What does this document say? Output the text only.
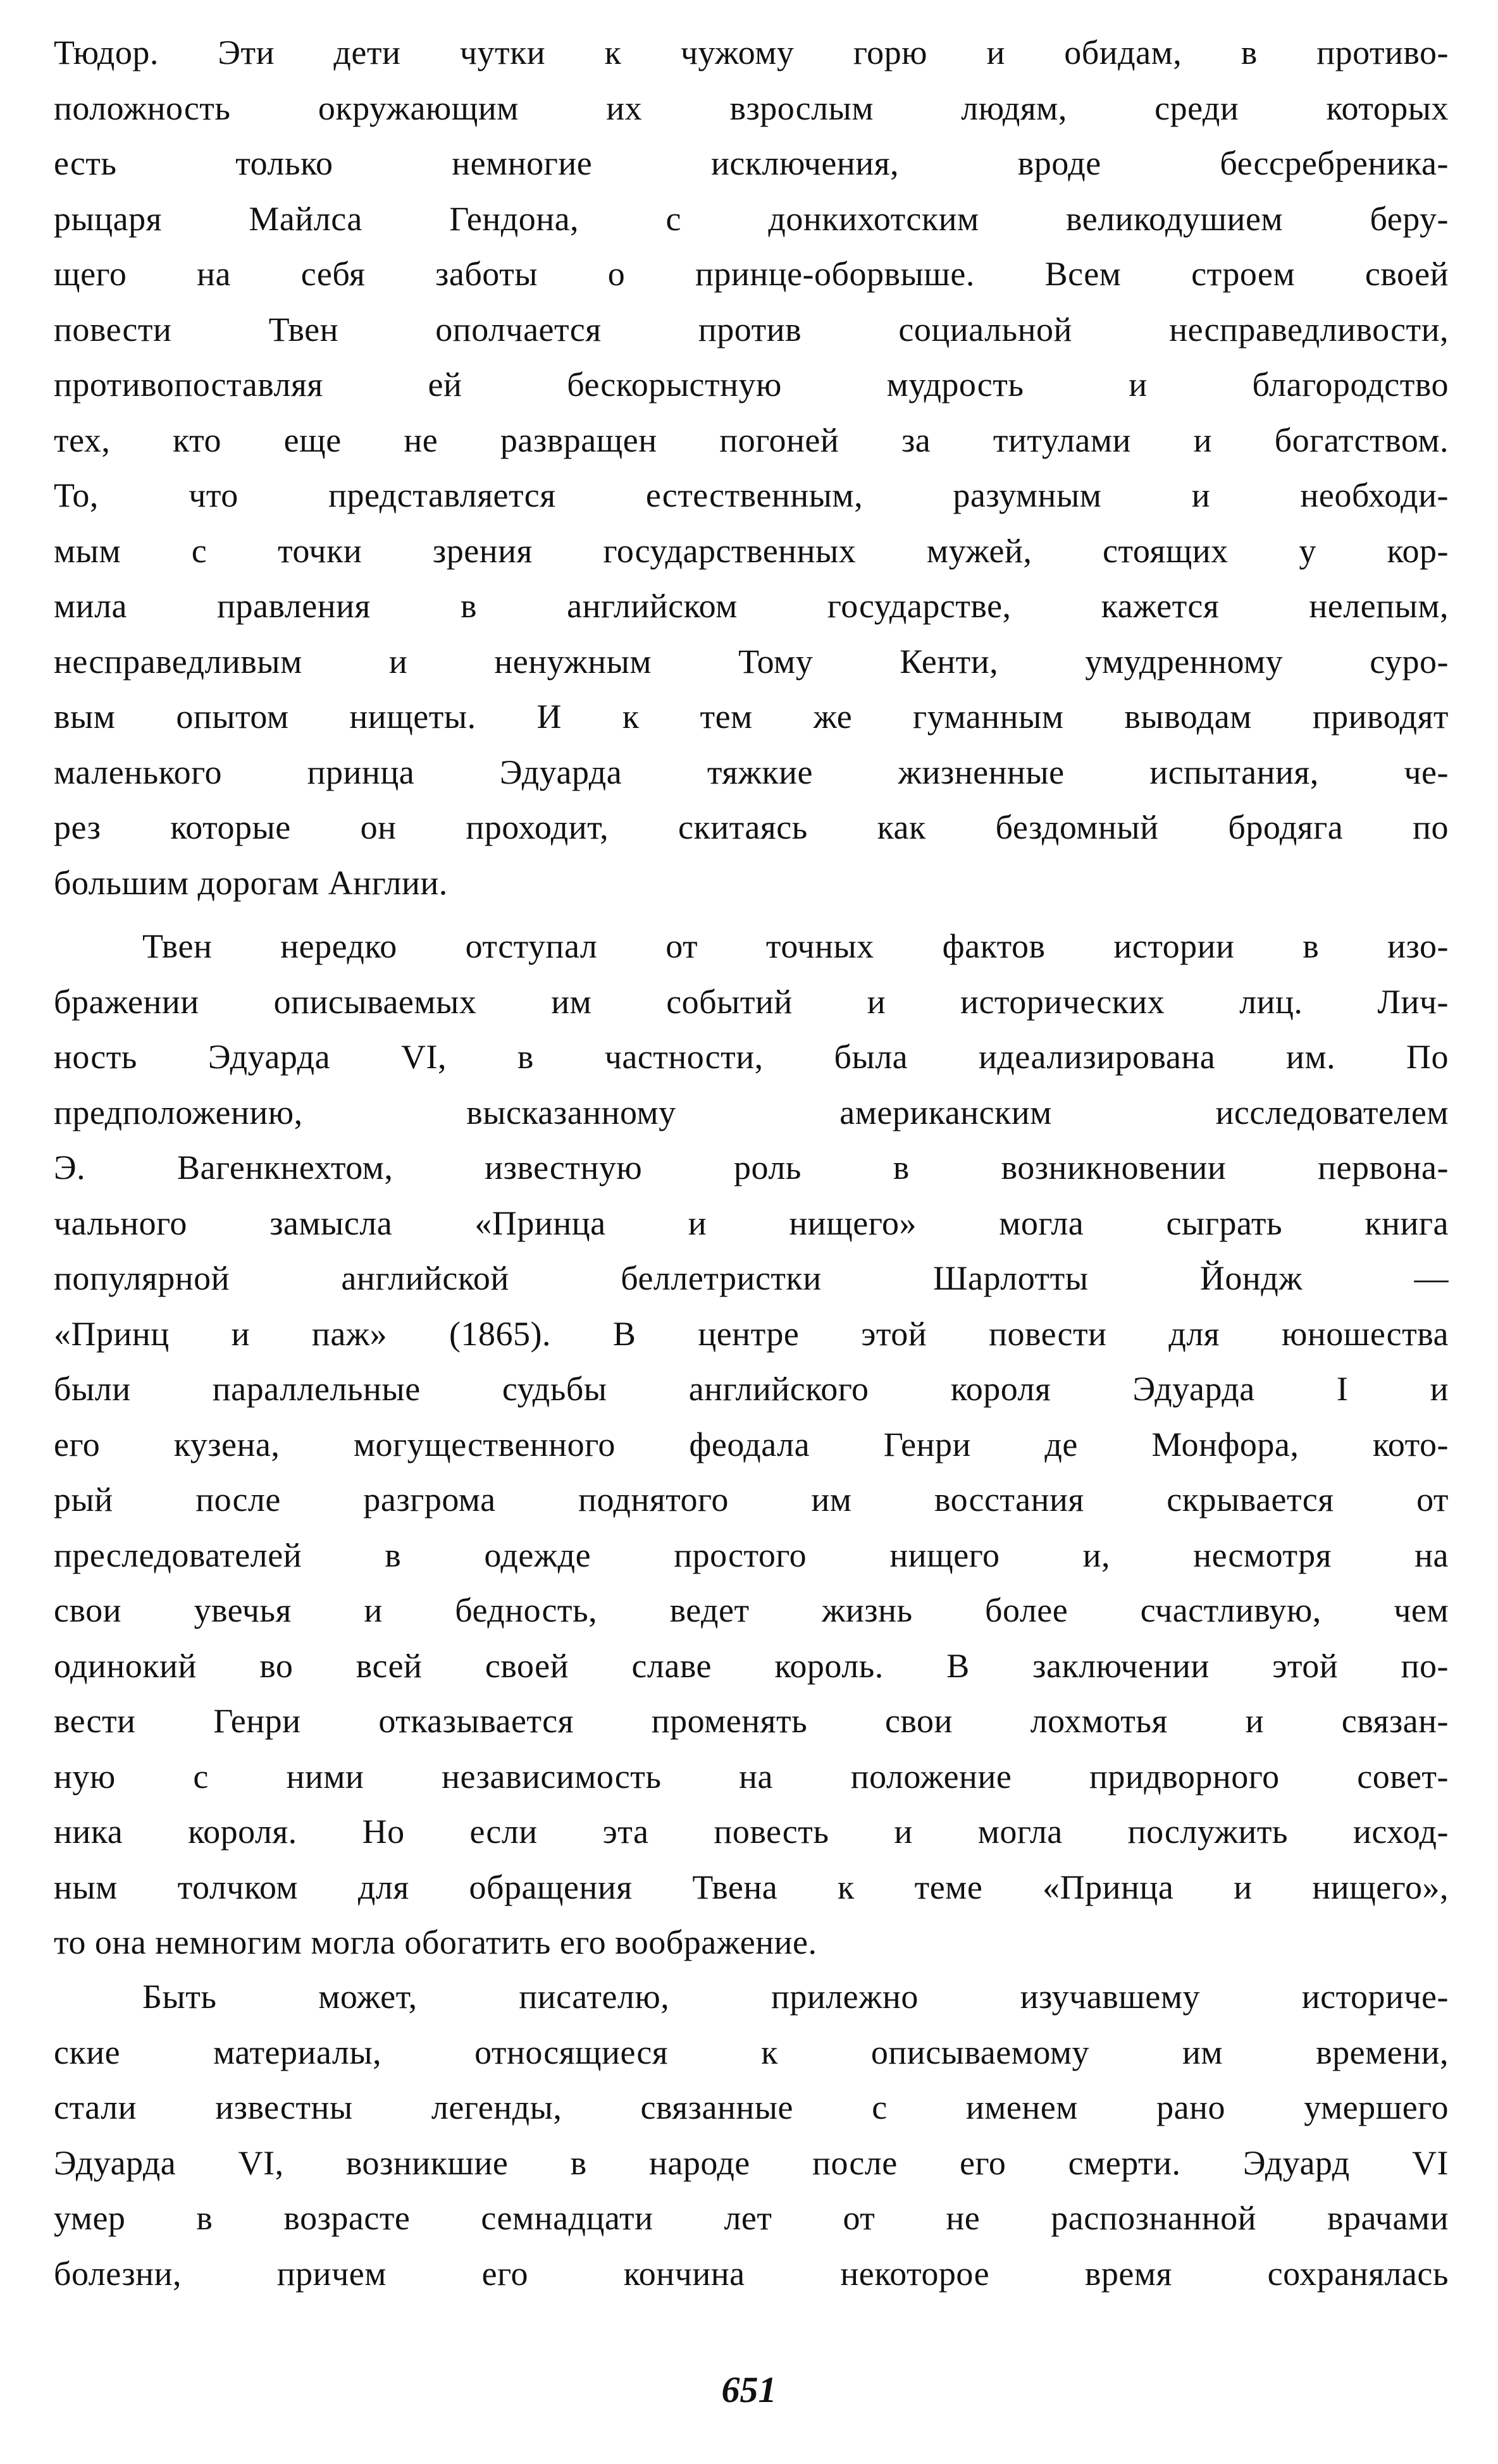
Тюдор. Эти дети чутки к чужому горю и обидам, в противо-
положность окружающим их взрослым людям, среди которых
есть только немногие исключения, вроде бессребреника-
рыцаря Майлса Гендона, с донкихотским великодушием беру-
щего на себя заботы о принце-оборвыше. Всем строем своей
повести Твен ополчается против социальной несправедливости,
противопоставляя ей бескорыстную мудрость и благородство
тех, кто еще не развращен погоней за титулами и богатством.
То, что представляется естественным, разумным и необходи-
мым с точки зрения государственных мужей, стоящих у кор-
мила правления в английском государстве, кажется нелепым,
несправедливым и ненужным Тому Кенти, умудренному суро-
вым опытом нищеты. И к тем же гуманным выводам приводят
маленького принца Эдуарда тяжкие жизненные испытания, че-
рез которые он проходит, скитаясь как бездомный бродяга по
большим дорогам Англии.
Твен нередко отступал от точных фактов истории в изо-
бражении описываемых им событий и исторических лиц. Лич-
ность Эдуарда VI, в частности, была идеализирована им. По
предположению, высказанному американским исследователем
Э. Вагенкнехтом, известную роль в возникновении первона-
чального замысла «Принца и нищего» могла сыграть книга
популярной английской беллетристки Шарлотты Йондж —
«Принц и паж» (1865). В центре этой повести для юношества
были параллельные судьбы английского короля Эдуарда I и
его кузена, могущественного феодала Генри де Монфора, кото-
рый после разгрома поднятого им восстания скрывается от
преследователей в одежде простого нищего и, несмотря на
свои увечья и бедность, ведет жизнь более счастливую, чем
одинокий во всей своей славе король. В заключении этой по-
вести Генри отказывается променять свои лохмотья и связан-
ную с ними независимость на положение придворного совет-
ника короля. Но если эта повесть и могла послужить исход-
ным толчком для обращения Твена к теме «Принца и нищего»,
то она немногим могла обогатить его воображение.
Быть может, писателю, прилежно изучавшему историче-
ские материалы, относящиеся к описываемому им времени,
стали известны легенды, связанные с именем рано умершего
Эдуарда VI, возникшие в народе после его смерти. Эдуард VI
умер в возрасте семнадцати лет от не распознанной врачами
болезни, причем его кончина некоторое время сохранялась
651
